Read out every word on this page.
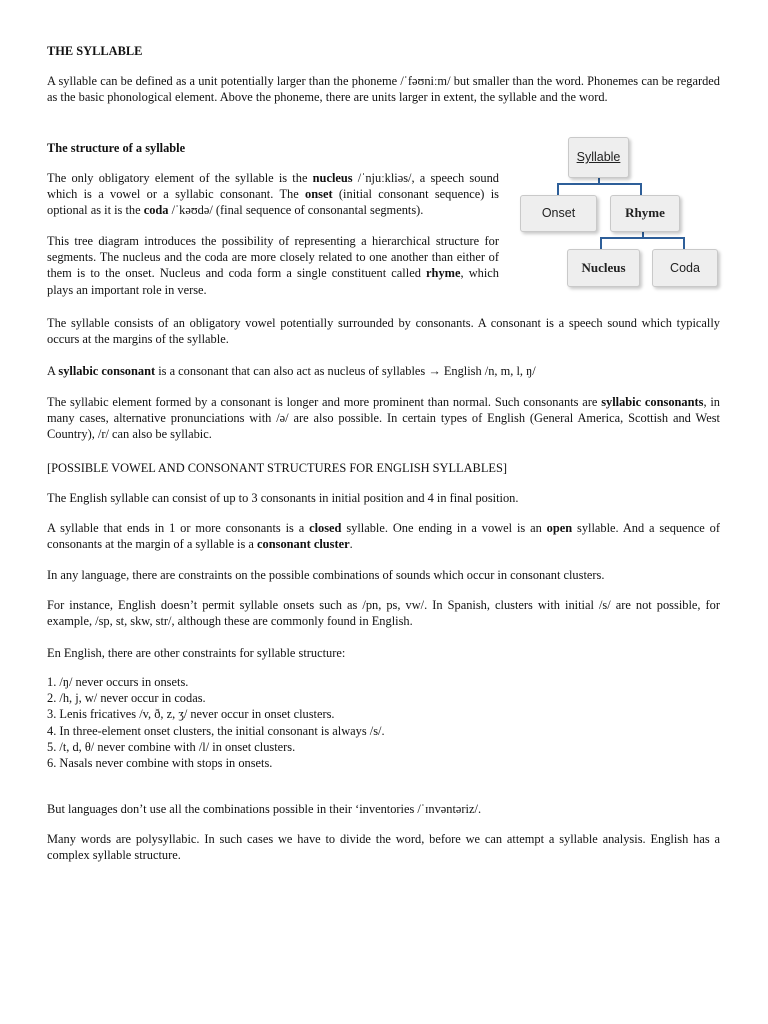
THE SYLLABLE

A syllable can be defined as a unit potentially larger than the phoneme /ˈfəʊniːm/ but smaller than the word. Phonemes can be regarded as the basic phonological element. Above the phoneme, there are units larger in extent, the syllable and the word.

The structure of a syllable

The only obligatory element of the syllable is the nucleus /ˈnjuːkliəs/, a speech sound which is a vowel or a syllabic consonant. The onset (initial consonant sequence) is optional as it is the coda /ˈkəʊdə/ (final sequence of consonantal segments).

This tree diagram introduces the possibility of representing a hierarchical structure for segments. The nucleus and the coda are more closely related to one another than either of them is to the onset. Nucleus and coda form a single constituent called rhyme, which plays an important role in verse.

Syllable
Onset	Rhyme
Nucleus	Coda

The syllable consists of an obligatory vowel potentially surrounded by consonants. A consonant is a speech sound which typically occurs at the margins of the syllable.

A syllabic consonant is a consonant that can also act as nucleus of syllables → English /n, m, l, ŋ/

The syllabic element formed by a consonant is longer and more prominent than normal. Such consonants are syllabic consonants, in many cases, alternative pronunciations with /ə/ are also possible. In certain types of English (General America, Scottish and West Country), /r/ can also be syllabic.

[POSSIBLE VOWEL AND CONSONANT STRUCTURES FOR ENGLISH SYLLABLES]

The English syllable can consist of up to 3 consonants in initial position and 4 in final position.

A syllable that ends in 1 or more consonants is a closed syllable. One ending in a vowel is an open syllable. And a sequence of consonants at the margin of a syllable is a consonant cluster.

In any language, there are constraints on the possible combinations of sounds which occur in consonant clusters.

For instance, English doesn’t permit syllable onsets such as /pn, ps, vw/. In Spanish, clusters with initial /s/ are not possible, for example, /sp, st, skw, str/, although these are commonly found in English.

En English, there are other constraints for syllable structure:

1. /ŋ/ never occurs in onsets.
2. /h, j, w/ never occur in codas.
3. Lenis fricatives /v, ð, z, ʒ/ never occur in onset clusters.
4. In three-element onset clusters, the initial consonant is always /s/.
5. /t, d, θ/ never combine with /l/ in onset clusters.
6. Nasals never combine with stops in onsets.

But languages don’t use all the combinations possible in their ‘inventories /ˈɪnvəntəriz/.

Many words are polysyllabic. In such cases we have to divide the word, before we can attempt a syllable analysis. English has a complex syllable structure.
